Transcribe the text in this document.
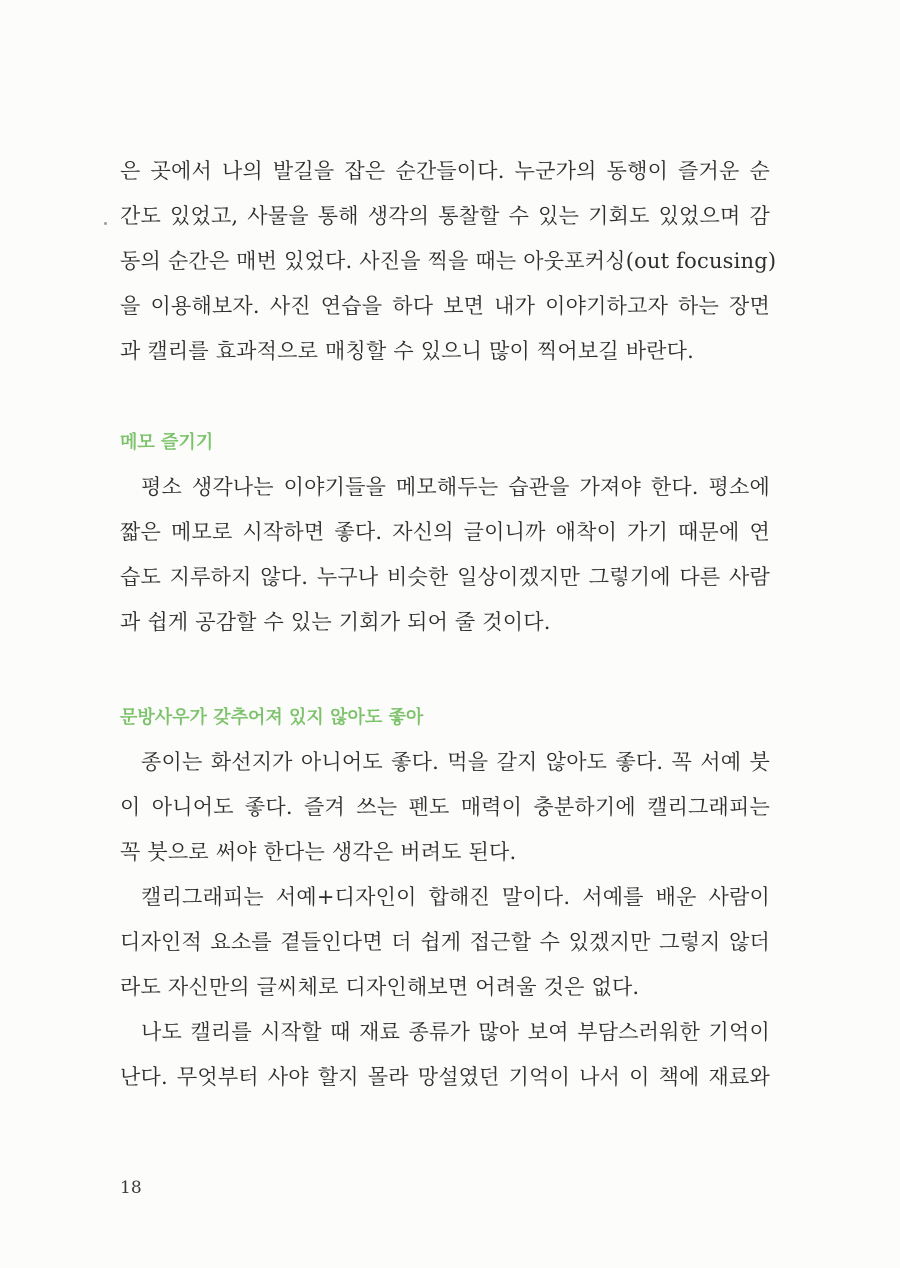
은 곳에서 나의 발길을 잡은 순간들이다. 누군가의 동행이 즐거운 순
간도 있었고, 사물을 통해 생각의 통찰할 수 있는 기회도 있었으며 감
동의 순간은 매번 있었다. 사진을 찍을 때는 아웃포커싱(out focusing)
을 이용해보자. 사진 연습을 하다 보면 내가 이야기하고자 하는 장면
과 캘리를 효과적으로 매칭할 수 있으니 많이 찍어보길 바란다.
메모 즐기기
평소 생각나는 이야기들을 메모해두는 습관을 가져야 한다. 평소에
짧은 메모로 시작하면 좋다. 자신의 글이니까 애착이 가기 때문에 연
습도 지루하지 않다. 누구나 비슷한 일상이겠지만 그렇기에 다른 사람
과 쉽게 공감할 수 있는 기회가 되어 줄 것이다.
문방사우가 갖추어져 있지 않아도 좋아
종이는 화선지가 아니어도 좋다. 먹을 갈지 않아도 좋다. 꼭 서예 붓
이 아니어도 좋다. 즐겨 쓰는 펜도 매력이 충분하기에 캘리그래피는
꼭 붓으로 써야 한다는 생각은 버려도 된다.
캘리그래피는 서예+디자인이 합해진 말이다. 서예를 배운 사람이
디자인적 요소를 곁들인다면 더 쉽게 접근할 수 있겠지만 그렇지 않더
라도 자신만의 글씨체로 디자인해보면 어려울 것은 없다.
나도 캘리를 시작할 때 재료 종류가 많아 보여 부담스러워한 기억이
난다. 무엇부터 사야 할지 몰라 망설였던 기억이 나서 이 책에 재료와
18
